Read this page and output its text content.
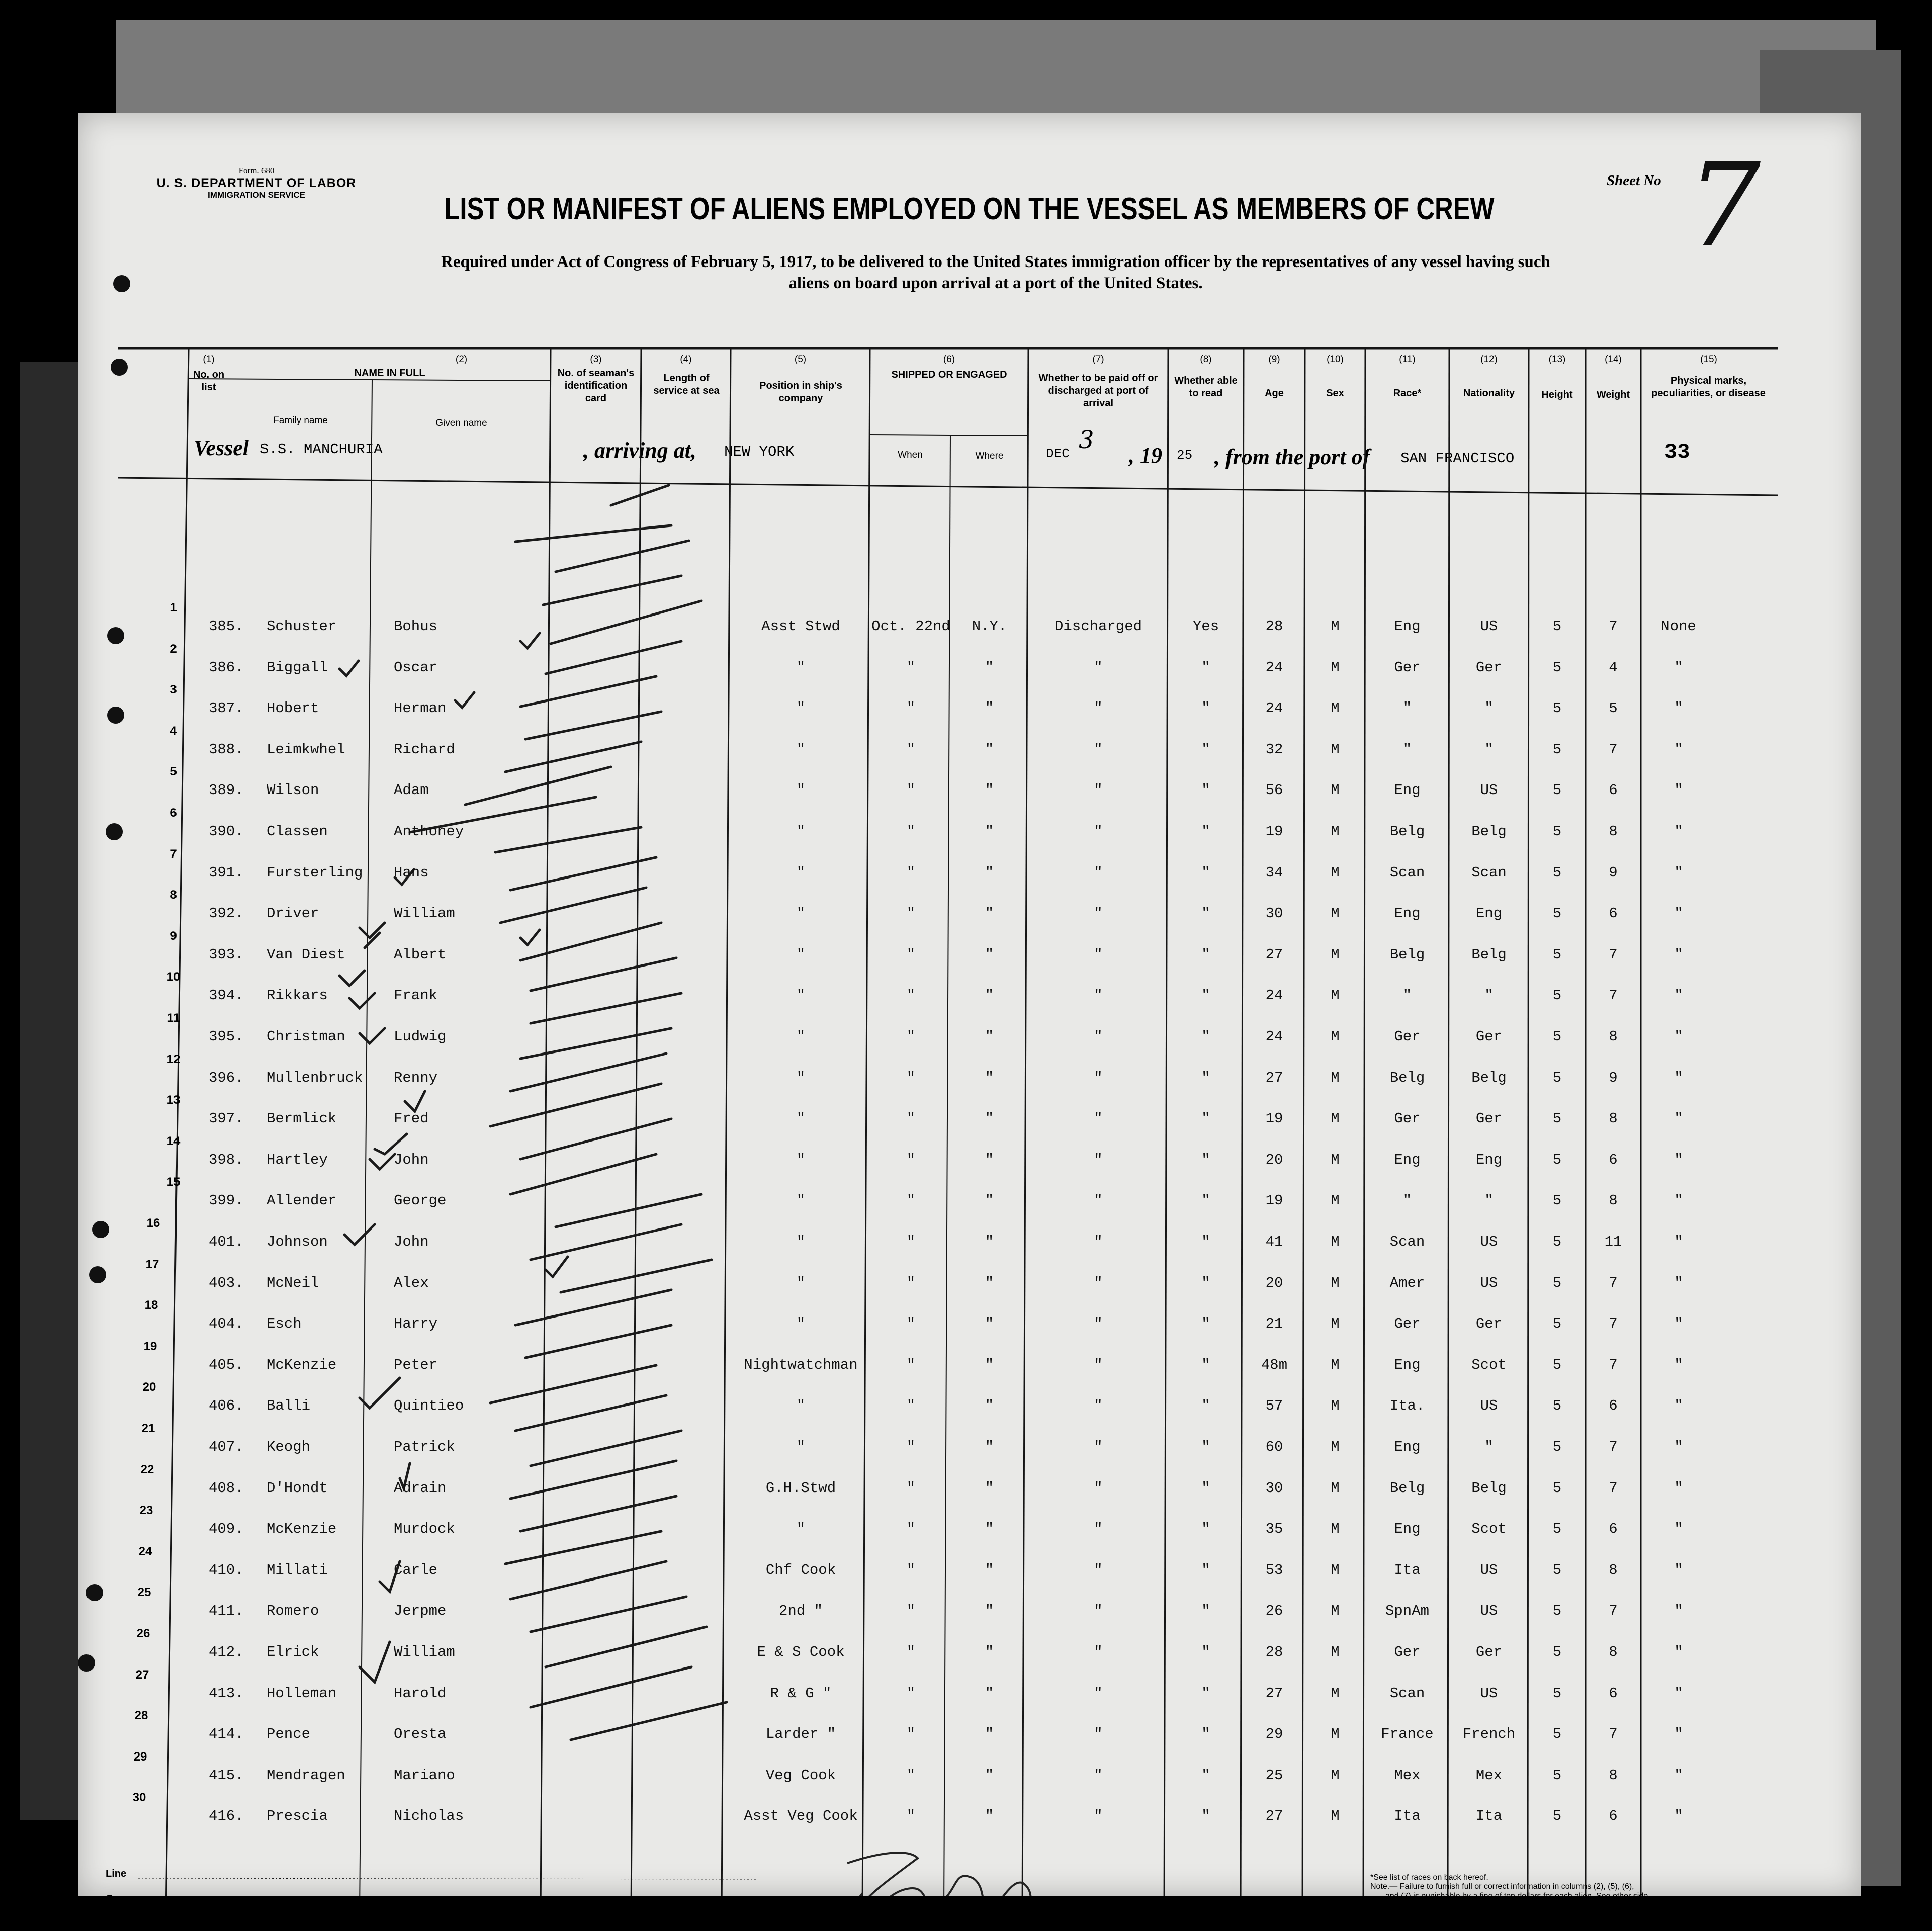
Form. 680
U. S. DEPARTMENT OF LABOR
IMMIGRATION SERVICE
Sheet No 7
LIST OR MANIFEST OF ALIENS EMPLOYED ON THE VESSEL AS MEMBERS OF CREW
Required under Act of Congress of February 5, 1917, to be delivered to the United States immigration officer by the representatives of any vessel having such
aliens on board upon arrival at a port of the United States.
Vessel S.S. MANCHURIA	, arriving at, NEW YORK	DEC 3
, 19 25 , from the port of SAN FRANCISCO	33
(1)
No. on list
(2)
NAME IN FULL
Family name	Given name
(3)
No. of seaman's identification card
(4)
Length of service at sea
(5)
Position in ship's company
(6)
SHIPPED OR ENGAGED
When	Where
(7)
Whether to be paid off or discharged at port of arrival
(8)
Whether able to read
(9)
Age
(10)
Sex
(11)
Race*
(12)
Nationality
(13)
Height
(14)
Weight
(15)
Physical marks, peculiarities, or disease
1
385. Schuster	Bohus	Asst Stwd	Oct. 22nd	N.Y.	Discharged	Yes	28	M	Eng	US	5	7	None
2
386. Biggall	Oscar	"	"	"	"	"	24	M	Ger	Ger	5	4	"
3
387. Hobert	Herman	"	"	"	"	"	24	M	"	"	5	5	"
4
388. Leimkwhel	Richard	"	"	"	"	"	32	M	"	"	5	7	"
5
389. Wilson	Adam	"	"	"	"	"	56	M	Eng	US	5	6	"
6
390. Classen	Anthoney	"	"	"	"	"	19	M	Belg	Belg	5	8	"
7
391. Fursterling Hans	"	"	"	"	"	34	M	Scan	Scan	5	9	"
8
392. Driver	William	"	"	"	"	"	30	M	Eng	Eng	5	6	"
9
393. Van Diest	Albert	"	"	"	"	"	27	M	Belg	Belg	5	7	"
10
394. Rikkars	Frank	"	"	"	"	"	24	M	"	"	5	7	"
11
395. Christman	Ludwig	"	"	"	"	"	24	M	Ger	Ger	5	8	"
12
396. Mullenbruck Renny	"	"	"	"	"	27	M	Belg	Belg	5	9	"
13
397. Bermlick	Fred	"	"	"	"	"	19	M	Ger	Ger	5	8	"
14
398. Hartley	John	"	"	"	"	"	20	M	Eng	Eng	5	6	"
15
399. Allender	George	"	"	"	"	"	19	M	"	"	5	8	"
16
401. Johnson	John	"	"	"	"	"	41	M	Scan	US	5	11	"
17
403. McNeil	Alex	"	"	"	"	"	20	M	Amer	US	5	7	"
18
404. Esch	Harry	"	"	"	"	"	21	M	Ger	Ger	5	7	"
19
405. McKenzie	Peter	Nightwatchman	"	"	"	"	48m	M	Eng	Scot	5	7	"
20
406. Balli	Quintieo	"	"	"	"	"	57	M	Ita.	US	5	6	"
21
407. Keogh	Patrick	"	"	"	"	"	60	M	Eng	"	5	7	"
22
408. D'Hondt	Adrain	G.H.Stwd	"	"	"	"	30	M	Belg	Belg	5	7	"
23
409. McKenzie	Murdock	"	"	"	"	"	35	M	Eng	Scot	5	6	"
24
410. Millati	Carle	Chf Cook	"	"	"	"	53	M	Ita	US	5	8	"
25
411. Romero	Jerpme	2nd "	"	"	"	"	26	M	SpnAm	US	5	7	"
26
412. Elrick	William	E & S Cook	"	"	"	"	28	M	Ger	Ger	5	8	"
27
413. Holleman	Harold	R & G "	"	"	"	"	27	M	Scan	US	5	6	"
28
414. Pence	Oresta	Larder "	"	"	"	"	29	M	France	French	5	7	"
29
415. Mendragen	Mariano	Veg Cook	"	"	"	"	25	M	Mex	Mex	5	8	"
30
416. Prescia	Nicholas	Asst Veg Cook	"	"	"	"	27	M	Ita	Ita	5	6	"
Line
Owners
Local Agents
Immigrant Inspector.
*See list of races on back hereof.
Note.— Failure to furnish full or correct information in columns (2), (5), (6),
and (7) is punishable by a fine of ten dollars for each alien. See other side.
